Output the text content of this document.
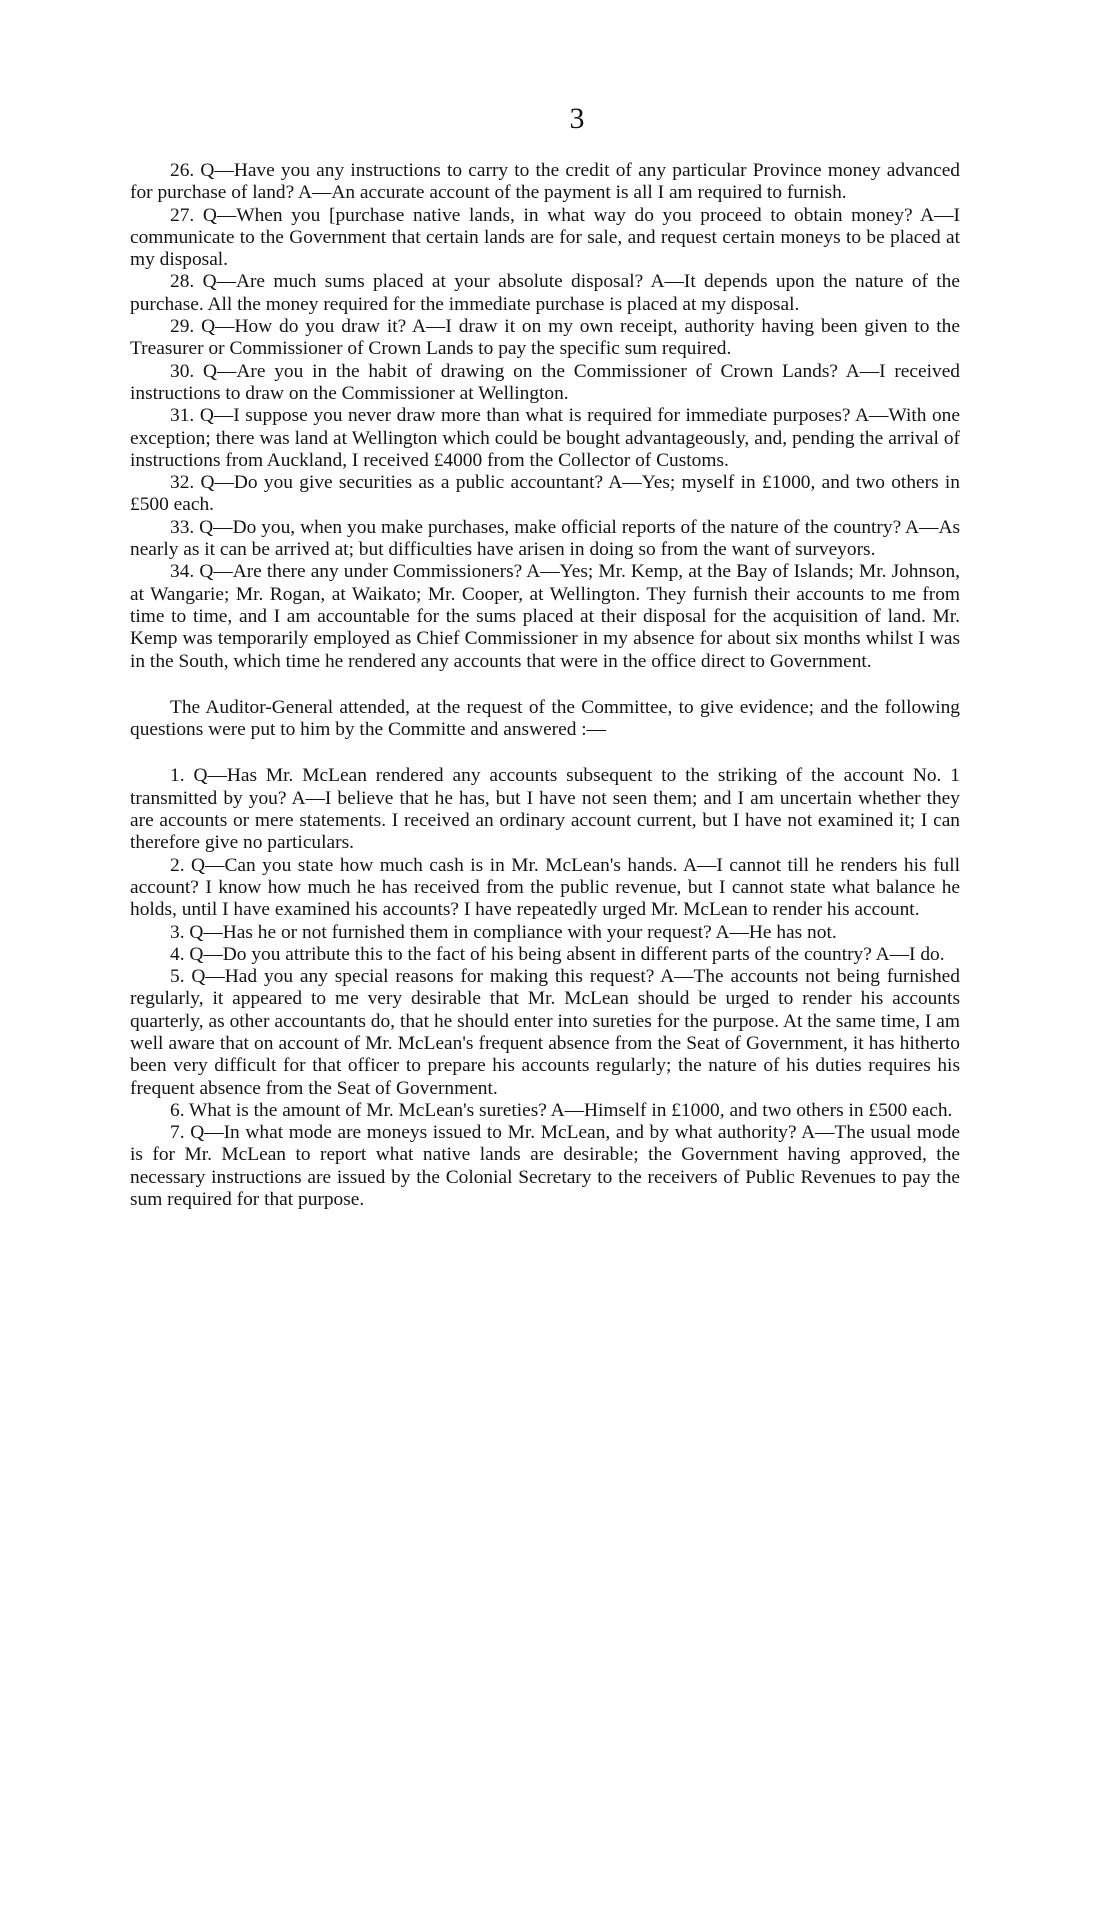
3

26. Q—Have you any instructions to carry to the credit of any particular Province money advanced for purchase of land? A—An accurate account of the payment is all I am required to furnish.

27. Q—When you [purchase native lands, in what way do you proceed to obtain money? A—I communicate to the Government that certain lands are for sale, and request certain moneys to be placed at my disposal.

28. Q—Are much sums placed at your absolute disposal? A—It depends upon the nature of the purchase. All the money required for the immediate purchase is placed at my disposal.

29. Q—How do you draw it? A—I draw it on my own receipt, authority having been given to the Treasurer or Commissioner of Crown Lands to pay the specific sum required.

30. Q—Are you in the habit of drawing on the Commissioner of Crown Lands? A—I received instructions to draw on the Commissioner at Wellington.

31. Q—I suppose you never draw more than what is required for immediate purposes? A—With one exception; there was land at Wellington which could be bought advantageously, and, pending the arrival of instructions from Auckland, I received £4000 from the Collector of Customs.

32. Q—Do you give securities as a public accountant? A—Yes; myself in £1000, and two others in £500 each.

33. Q—Do you, when you make purchases, make official reports of the nature of the country? A—As nearly as it can be arrived at; but difficulties have arisen in doing so from the want of surveyors.

34. Q—Are there any under Commissioners? A—Yes; Mr. Kemp, at the Bay of Islands; Mr. Johnson, at Wangarie; Mr. Rogan, at Waikato; Mr. Cooper, at Wellington. They furnish their accounts to me from time to time, and I am accountable for the sums placed at their disposal for the acquisition of land. Mr. Kemp was temporarily employed as Chief Commissioner in my absence for about six months whilst I was in the South, which time he rendered any accounts that were in the office direct to Government.

The Auditor-General attended, at the request of the Committee, to give evidence; and the following questions were put to him by the Committe and answered :—

1. Q—Has Mr. McLean rendered any accounts subsequent to the striking of the account No. 1 transmitted by you? A—I believe that he has, but I have not seen them; and I am uncertain whether they are accounts or mere statements. I received an ordinary account current, but I have not examined it; I can therefore give no particulars.

2. Q—Can you state how much cash is in Mr. McLean's hands. A—I cannot till he renders his full account? I know how much he has received from the public revenue, but I cannot state what balance he holds, until I have examined his accounts? I have repeatedly urged Mr. McLean to render his account.

3. Q—Has he or not furnished them in compliance with your request? A—He has not.

4. Q—Do you attribute this to the fact of his being absent in different parts of the country? A—I do.

5. Q—Had you any special reasons for making this request? A—The accounts not being furnished regularly, it appeared to me very desirable that Mr. McLean should be urged to render his accounts quarterly, as other accountants do, that he should enter into sureties for the purpose. At the same time, I am well aware that on account of Mr. McLean's frequent absence from the Seat of Government, it has hitherto been very difficult for that officer to prepare his accounts regularly; the nature of his duties requires his frequent absence from the Seat of Government.

6. What is the amount of Mr. McLean's sureties? A—Himself in £1000, and two others in £500 each.

7. Q—In what mode are moneys issued to Mr. McLean, and by what authority? A—The usual mode is for Mr. McLean to report what native lands are desirable; the Government having approved, the necessary instructions are issued by the Colonial Secretary to the receivers of Public Revenues to pay the sum required for that purpose.
